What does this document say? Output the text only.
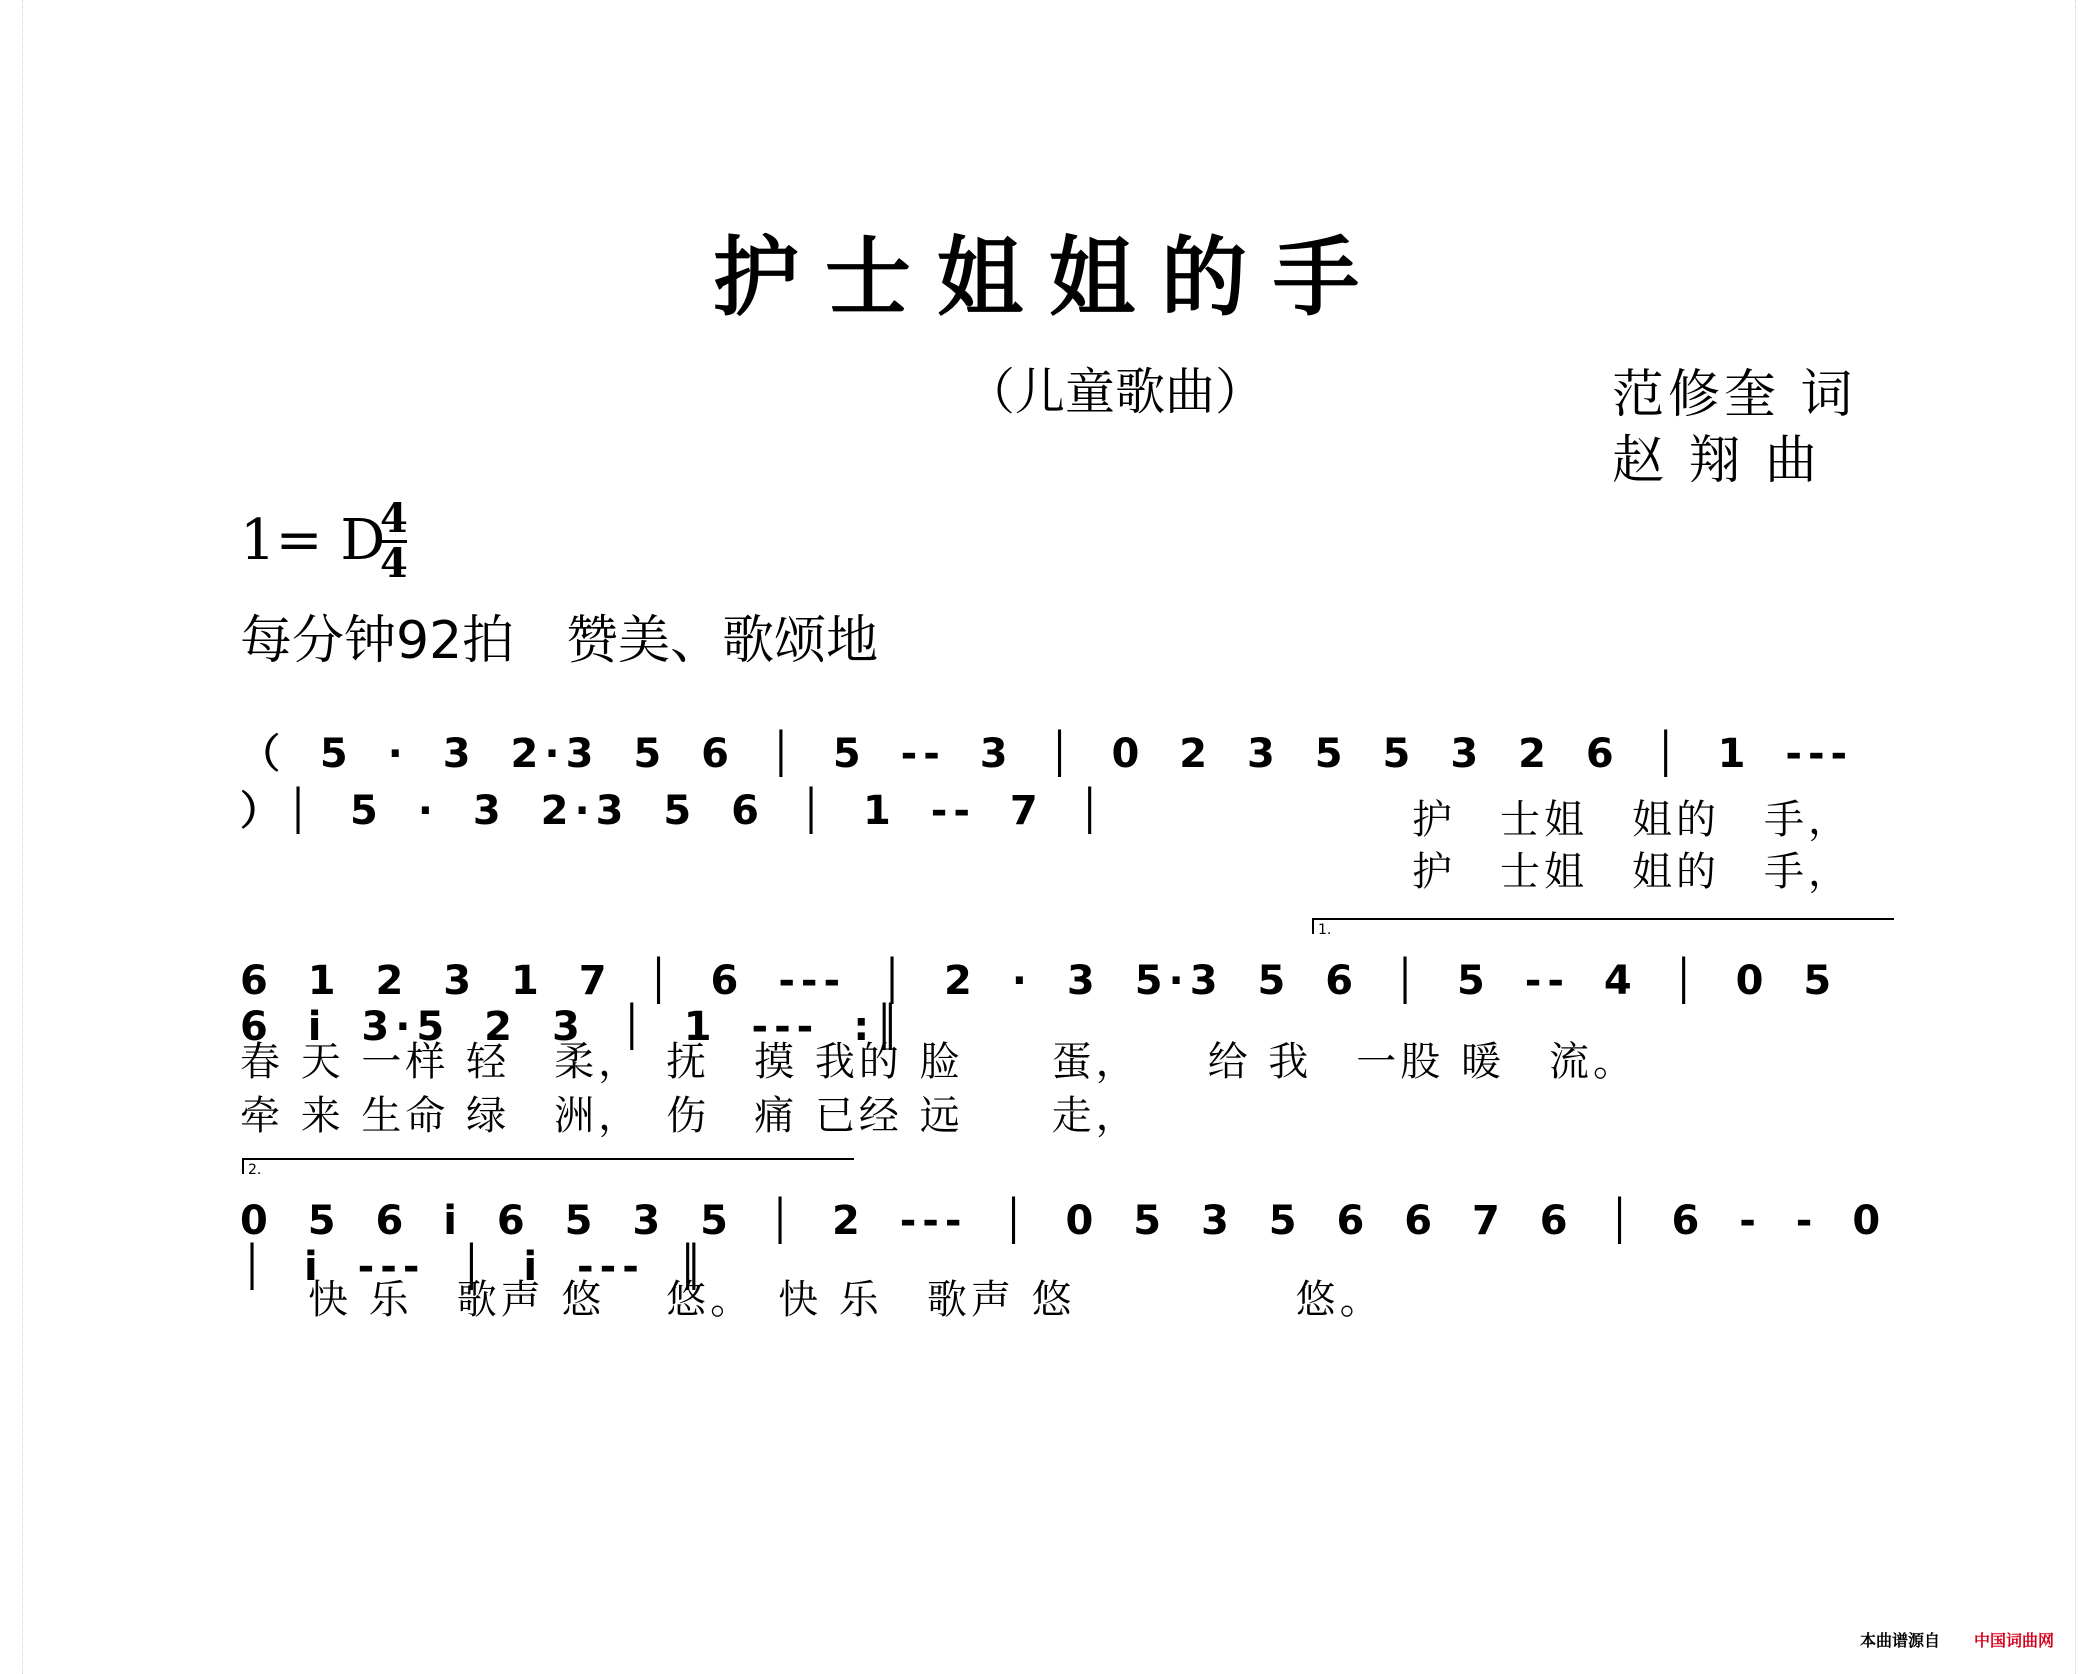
护士姐姐的手
（儿童歌曲）	范修奎 词
赵 翔 曲
1= D
4
4
每分钟92拍　赞美、歌颂地
（ 5 · 3 2·3 5 6 │ 5 ‐‐ 3 │ 0 2 3 5 5 3 2 6 │ 1 ‐‐‐ ）│ 5 · 3 2·3 5 6 │ 1 ‐‐ 7 │	护　士姐　姐的　手，
护　士姐　姐的　手，
1.
6 1 2 3 1 7 │ 6 ‐‐‐ │ 2 · 3 5·3 5 6 │ 5 ‐‐ 4 │ 0 5 6 i 3·5 2 3 │ 1 ‐‐‐ :║
春 天 一样 轻　柔，　抚　摸 我的 脸　　蛋，　　给 我　一股 暖　流。
牵 来 生命 绿　洲，　伤　痛 已经 远　　走，
2.
0 5 6 i 6 5 3 5 │ 2 ‐‐‐ │ 0 5 3 5 6 6 7 6 │ 6 ‐ ‐ 0 │ i ‐‐‐ │ i ‐‐‐ ║
快 乐　歌声 悠　 悠。　快 乐　歌声 悠　　　　　悠。
本曲谱源自 中国词曲网
